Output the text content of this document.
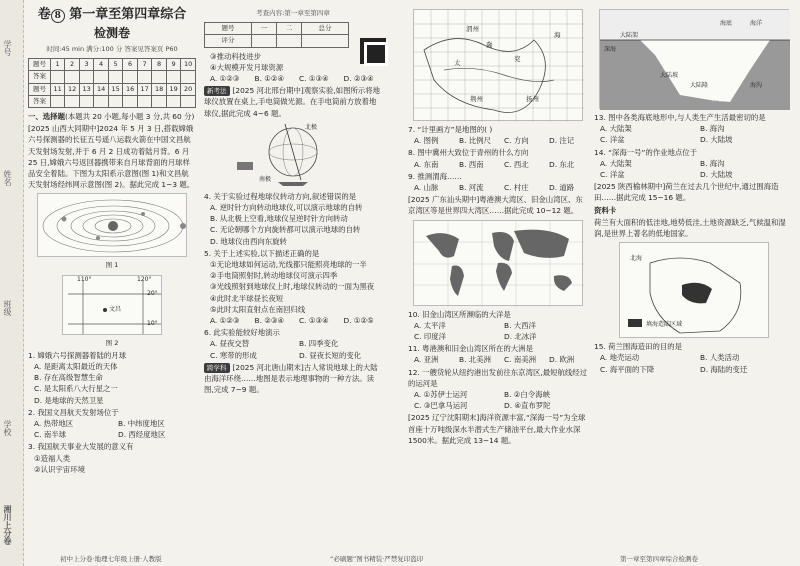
学号
姓名
班级
学校
湘川上分卷
卷 8 第一章至第四章综合
检测卷
时间:45 min 满分:100 分 答案见答案页 P60
题号	1	2	3	4	5	6	7	8	9	10
答案										
题号	11	12	13	14	15	16	17	18	19	20
答案										
一、选择题(本题共 20 小题,每小题 3 分,共 60 分)
[2025 山西大同期中]2024 年 5 月 3 日,搭载嫦娥六号探测器的长征五号遥八运载火箭在中国文昌航天发射场发射,并于 6 月 2 日成功着陆月背。6 月 25 日,嫦娥六号返回器携带来自月球背面的月球样品安全着陆。下图为太阳系示意图(图 1)和文昌航天发射场经纬网示意图(图 2)。据此完成 1~3 题。
图 1
文昌
110°
20°
10°
120°
图 2
1. 嫦娥六号探测器着陆的月球
A. 是距离太阳最近的天体
B. 存在高级智慧生命
C. 是太阳系八大行星之一
D. 是地球的天然卫星
2. 我国文昌航天发射场位于
A. 热带地区	B. 中纬度地区
C. 南半球	D. 西经度地区
3. 我国航天事业大发展的意义有
①造福人类
②认识宇宙环境
考查内容:第一章至第四章
题号	一	二	总分
评分			
③推动科技进步
④大规模开发月球资源
A. ①②③	B. ①②④	C. ①③④	D. ②③④
新考法 [2025 河北邢台期中]观察实验,如图所示将地球仪放置在桌上,手电筒做光源。在手电筒前方放着地球仪,据此完成 4~6 题。
北极
南极
4. 关于实验过程地球仪转动方向,叙述错误的是
A. 逆时针方向转动地球仪,可以演示地球的自转
B. 从北极上空看,地球仪呈逆时针方向转动
C. 无论朝哪个方向旋转都可以演示地球的自转
D. 地球仪由西向东旋转
5. 关于上述实验,以下描述正确的是
①无论地球如何运动,光线都只能照亮地球的一半
②手电筒照射时,转动地球仪可演示四季
③光线照射到地球仪上时,地球仪转动的一面为黑夜
④此时北半球昼长夜短
⑤此时太阳直射点在南回归线
A. ①②③	B. ②③④	C. ①③④	D. ①②⑤
6. 此实验能较好地演示
A. 昼夜交替	B. 四季变化
C. 寒带的形成	D. 昼夜长短的变化
跨学科 [2025 河北唐山期末]古人常说地球上的大陆由海洋环绕……地图是表示地理事物的一种方法。读图,完成 7~9 题。
渭州
冀
海
太	兖
荆州	扬州
7. “计里画方”是地图的( )
A. 图例	B. 比例尺	C. 方向	D. 注记
8. 图中冀州大致位于青州的什么方向
A. 东南	B. 西南	C. 西北	D. 东北
9. 推测渭海……
A. 山脉	B. 河流	C. 村庄	D. 道路
[2025 广东汕头期中]粤港澳大湾区、旧金山湾区、东京湾区等是世界四大湾区……据此完成 10~12 题。
10. 旧金山湾区所濒临的大洋是
A. 太平洋	B. 大西洋
C. 印度洋	D. 北冰洋
11. 粤港澳和旧金山湾区所在的大洲是
A. 亚洲	B. 北美洲	C. 南美洲	D. 欧洲
12. 一艘货轮从纽约港出发前往东京湾区,最短航线经过的运河是
A. ①苏伊士运河	B. ②白令海峡
C. ③巴拿马运河	D. ④直布罗陀
[2025 辽宁沈阳期末]海洋资源丰富,“深海一号”为全球首座十万吨级深水半潜式生产储油平台,最大作业水深1500米。据此完成 13~14 题。
深海
海洋
海底
大陆坡
大陆架
大陆隆
洋盆
海沟
13. 图中各类海底地形中,与人类生产生活最密切的是
A. 大陆架	B. 海沟
C. 洋盆	D. 大陆坡
14. “深海一号”的作业地点位于
A. 大陆架	B. 海沟
C. 洋盆	D. 大陆坡
[2025 陕西榆林期中]荷兰在过去几个世纪中,通过围海造田……据此完成 15~16 题。
资料卡
荷兰有大面积的低洼地,地势低洼,土地资源缺乏,气候温和湿润,是世界上著名的低地国家。
北海
填海造陆区域
15. 荷兰围海造田的目的是
A. 地壳运动	B. 人类活动
C. 海平面的下降	D. 海陆的变迁
初中上分卷·地理七年级上册·人教版	“必刷题”图书精装·严禁复印盗印	第一章至第四章综合检测卷
